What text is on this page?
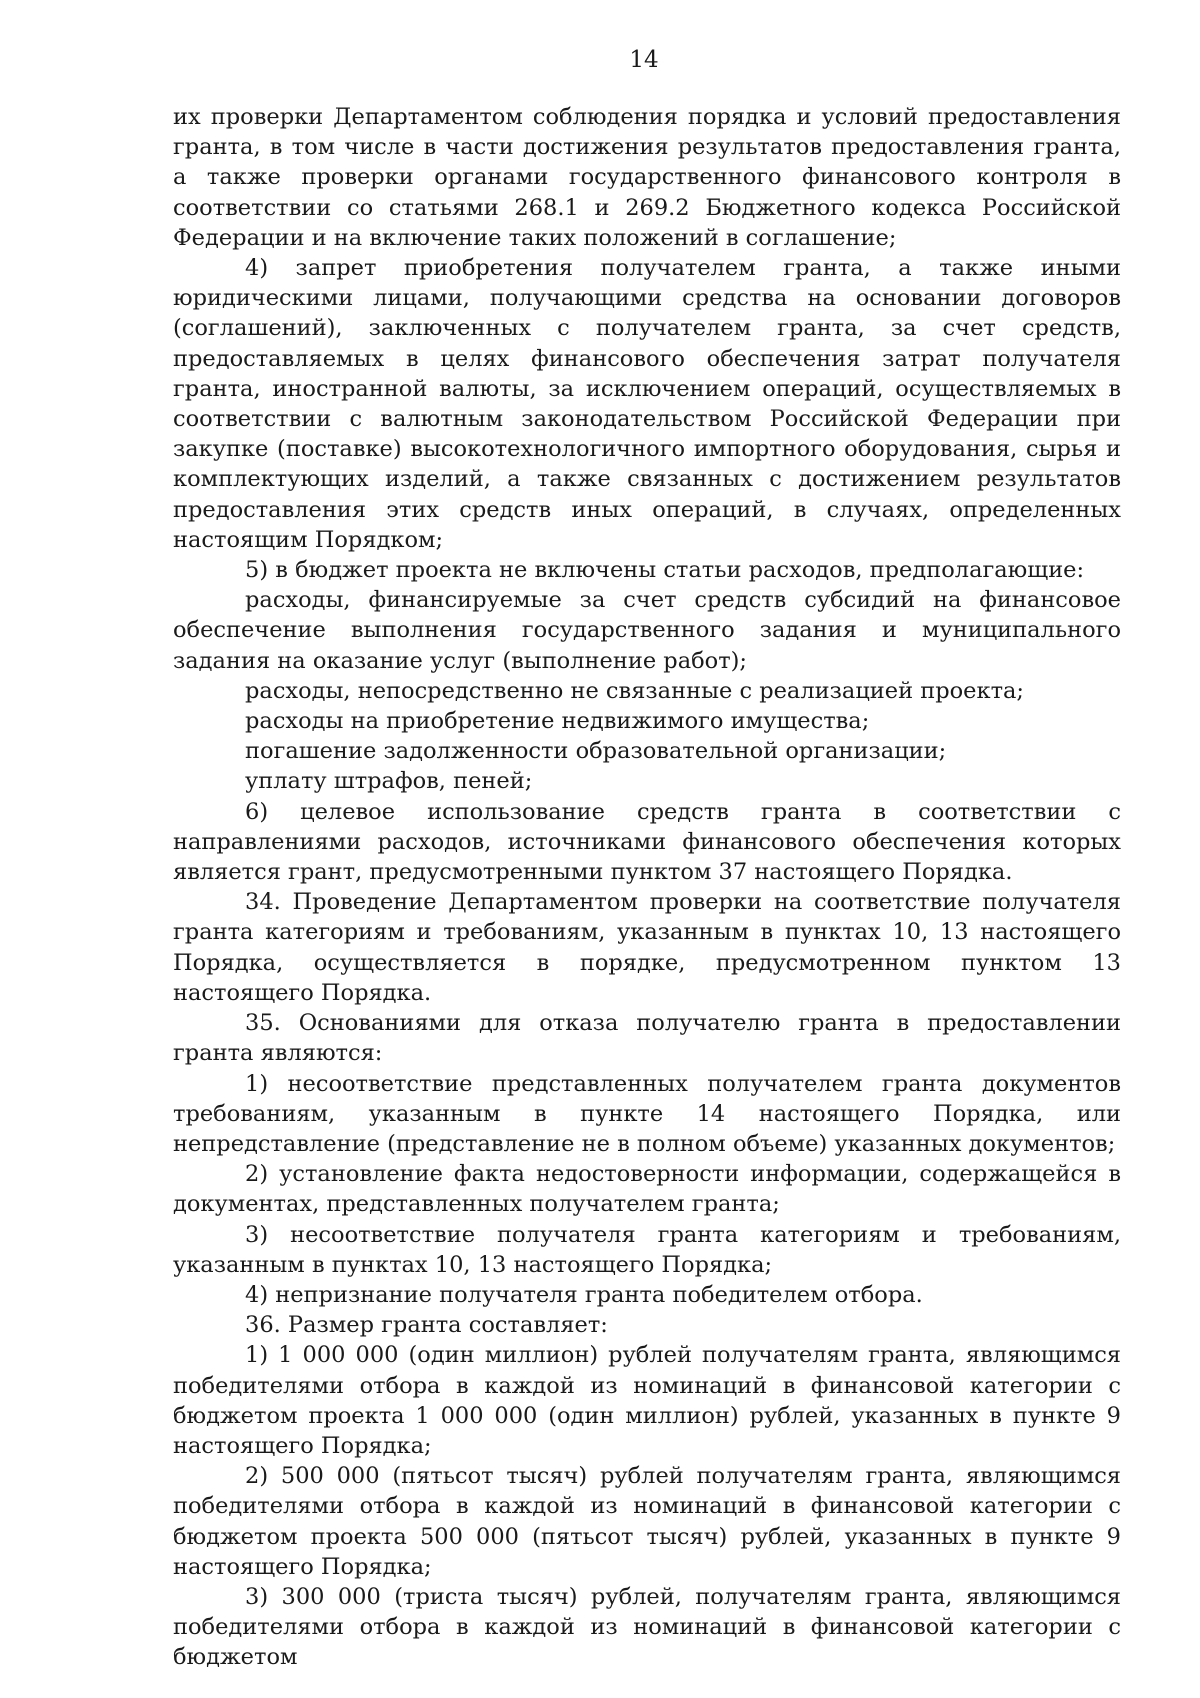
14

их проверки Департаментом соблюдения порядка и условий предоставления гранта, в том числе в части достижения результатов предоставления гранта, а также проверки органами государственного финансового контроля в соответствии со статьями 268.1 и 269.2 Бюджетного кодекса Российской Федерации и на включение таких положений в соглашение;

4) запрет приобретения получателем гранта, а также иными юридическими лицами, получающими средства на основании договоров (соглашений), заключенных с получателем гранта, за счет средств, предоставляемых в целях финансового обеспечения затрат получателя гранта, иностранной валюты, за исключением операций, осуществляемых в соответствии с валютным законодательством Российской Федерации при закупке (поставке) высокотехнологичного импортного оборудования, сырья и комплектующих изделий, а также связанных с достижением результатов предоставления этих средств иных операций, в случаях, определенных настоящим Порядком;

5) в бюджет проекта не включены статьи расходов, предполагающие:

расходы, финансируемые за счет средств субсидий на финансовое обеспечение выполнения государственного задания и муниципального задания на оказание услуг (выполнение работ);

расходы, непосредственно не связанные с реализацией проекта;

расходы на приобретение недвижимого имущества;

погашение задолженности образовательной организации;

уплату штрафов, пеней;

6) целевое использование средств гранта в соответствии с направлениями расходов, источниками финансового обеспечения которых является грант, предусмотренными пунктом 37 настоящего Порядка.

34. Проведение Департаментом проверки на соответствие получателя гранта категориям и требованиям, указанным в пунктах 10, 13 настоящего Порядка, осуществляется в порядке, предусмотренном пунктом 13 настоящего Порядка.

35. Основаниями для отказа получателю гранта в предоставлении гранта являются:

1) несоответствие представленных получателем гранта документов требованиям, указанным в пункте 14 настоящего Порядка, или непредставление (представление не в полном объеме) указанных документов;

2) установление факта недостоверности информации, содержащейся в документах, представленных получателем гранта;

3) несоответствие получателя гранта категориям и требованиям, указанным в пунктах 10, 13 настоящего Порядка;

4) непризнание получателя гранта победителем отбора.

36. Размер гранта составляет:

1) 1 000 000 (один миллион) рублей получателям гранта, являющимся победителями отбора в каждой из номинаций в финансовой категории с бюджетом проекта 1 000 000 (один миллион) рублей, указанных в пункте 9 настоящего Порядка;

2) 500 000 (пятьсот тысяч) рублей получателям гранта, являющимся победителями отбора в каждой из номинаций в финансовой категории с бюджетом проекта 500 000 (пятьсот тысяч) рублей, указанных в пункте 9 настоящего Порядка;

3) 300 000 (триста тысяч) рублей, получателям гранта, являющимся победителями отбора в каждой из номинаций в финансовой категории с бюджетом
